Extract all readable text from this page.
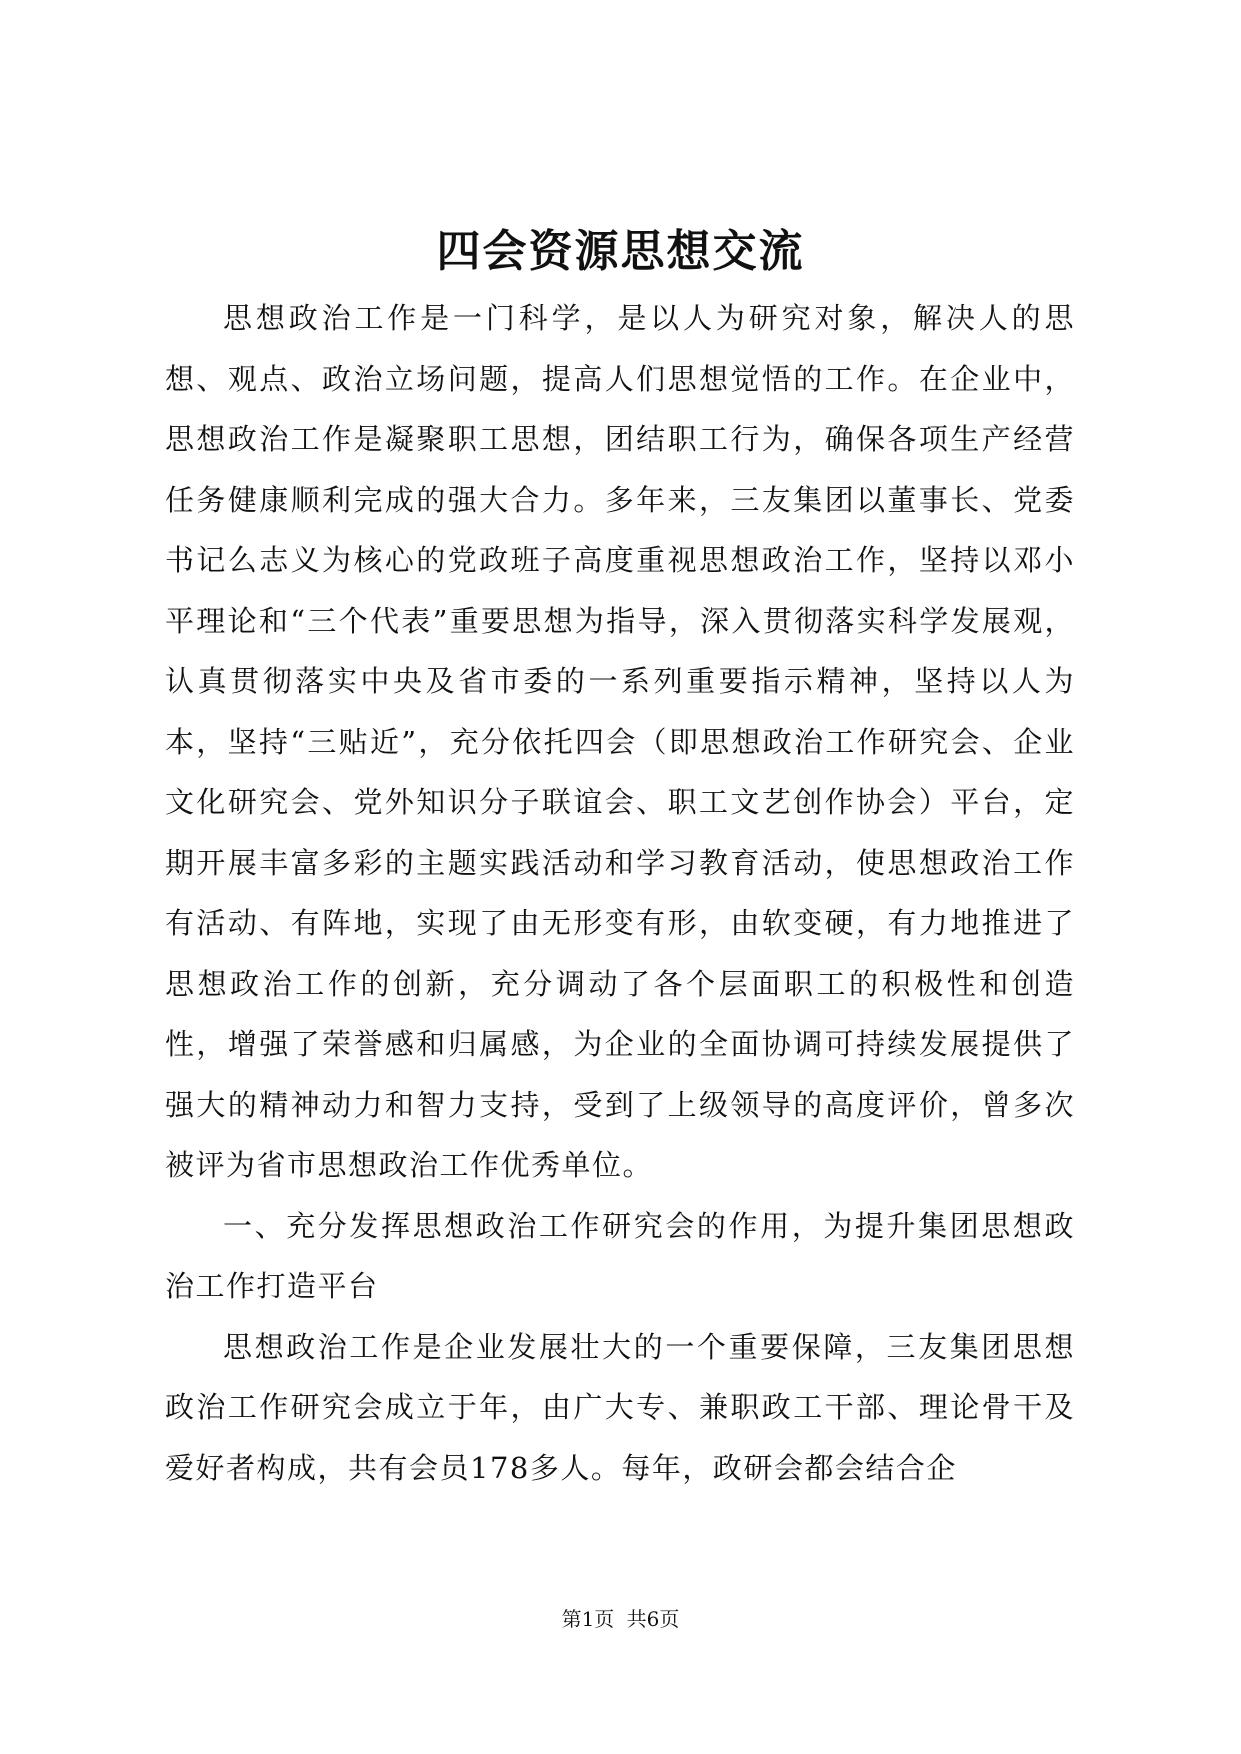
四会资源思想交流

思想政治工作是一门科学，是以人为研究对象，解决人的思想、观点、政治立场问题，提高人们思想觉悟的工作。在企业中，思想政治工作是凝聚职工思想，团结职工行为，确保各项生产经营任务健康顺利完成的强大合力。多年来，三友集团以董事长、党委书记么志义为核心的党政班子高度重视思想政治工作，坚持以邓小平理论和“三个代表”重要思想为指导，深入贯彻落实科学发展观，认真贯彻落实中央及省市委的一系列重要指示精神，坚持以人为本，坚持“三贴近”，充分依托四会（即思想政治工作研究会、企业文化研究会、党外知识分子联谊会、职工文艺创作协会）平台，定期开展丰富多彩的主题实践活动和学习教育活动，使思想政治工作有活动、有阵地，实现了由无形变有形，由软变硬，有力地推进了思想政治工作的创新，充分调动了各个层面职工的积极性和创造性，增强了荣誉感和归属感，为企业的全面协调可持续发展提供了强大的精神动力和智力支持，受到了上级领导的高度评价，曾多次被评为省市思想政治工作优秀单位。

一、充分发挥思想政治工作研究会的作用，为提升集团思想政治工作打造平台

思想政治工作是企业发展壮大的一个重要保障，三友集团思想政治工作研究会成立于年，由广大专、兼职政工干部、理论骨干及爱好者构成，共有会员178多人。每年，政研会都会结合企

第1页 共6页
